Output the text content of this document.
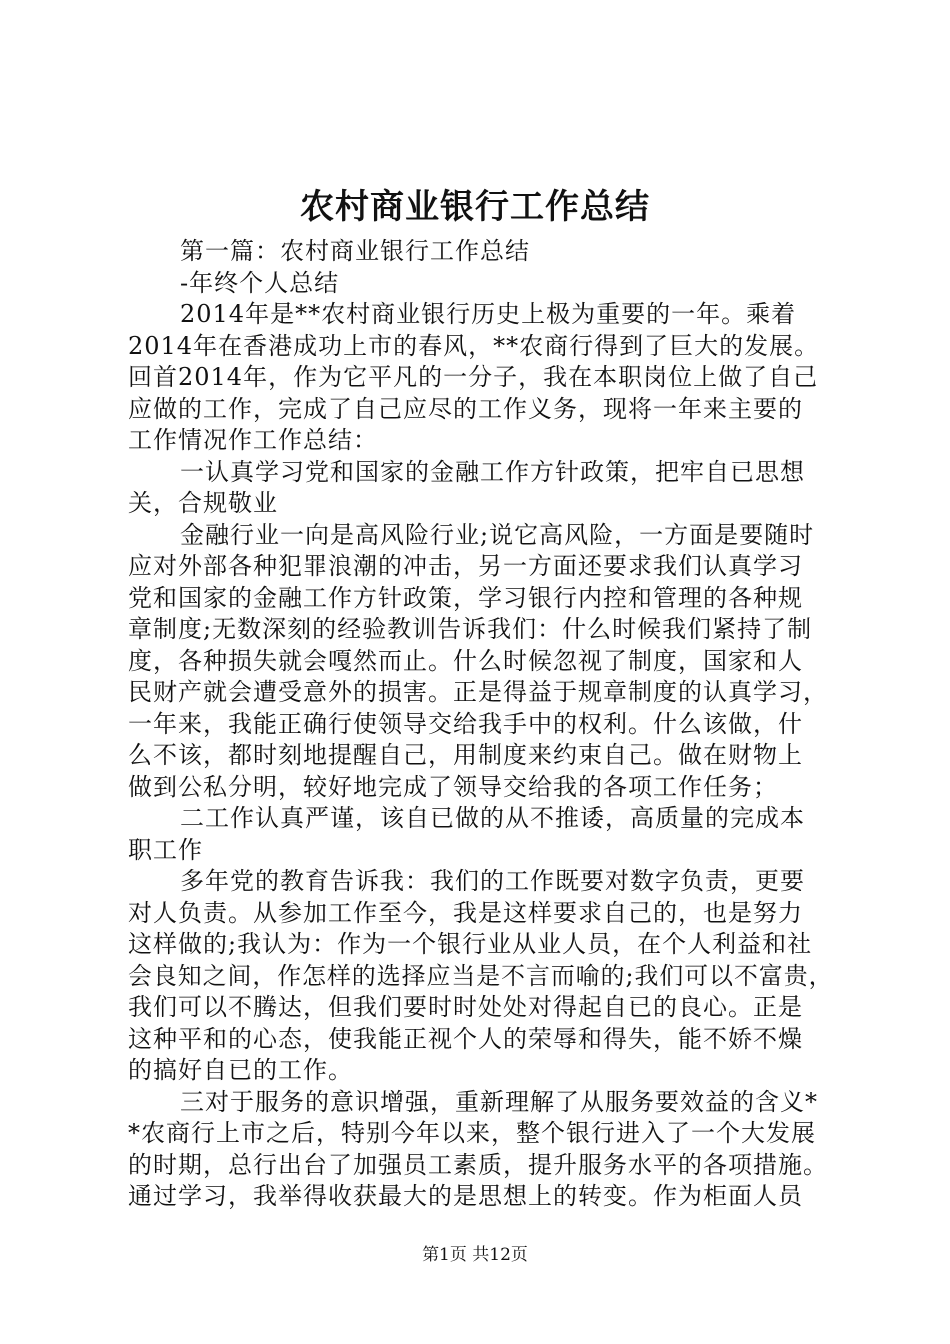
农村商业银行工作总结
第一篇：农村商业银行工作总结
-年终个人总结
2014年是**农村商业银行历史上极为重要的一年。乘着
2014年在香港成功上市的春风，**农商行得到了巨大的发展。
回首2014年，作为它平凡的一分子，我在本职岗位上做了自己
应做的工作，完成了自己应尽的工作义务，现将一年来主要的
工作情况作工作总结：
一认真学习党和国家的金融工作方针政策，把牢自已思想
关，合规敬业
金融行业一向是高风险行业;说它高风险，一方面是要随时
应对外部各种犯罪浪潮的冲击，另一方面还要求我们认真学习
党和国家的金融工作方针政策，学习银行内控和管理的各种规
章制度;无数深刻的经验教训告诉我们：什么时候我们紧持了制
度，各种损失就会嘎然而止。什么时候忽视了制度，国家和人
民财产就会遭受意外的损害。正是得益于规章制度的认真学习，
一年来，我能正确行使领导交给我手中的权利。什么该做，什
么不该，都时刻地提醒自己，用制度来约束自己。做在财物上
做到公私分明，较好地完成了领导交给我的各项工作任务；
二工作认真严谨，该自已做的从不推诿，高质量的完成本
职工作
多年党的教育告诉我：我们的工作既要对数字负责，更要
对人负责。从参加工作至今，我是这样要求自己的，也是努力
这样做的;我认为：作为一个银行业从业人员，在个人利益和社
会良知之间，作怎样的选择应当是不言而喻的;我们可以不富贵，
我们可以不腾达，但我们要时时处处对得起自已的良心。正是
这种平和的心态，使我能正视个人的荣辱和得失，能不娇不燥
的搞好自已的工作。
三对于服务的意识增强，重新理解了从服务要效益的含义*
*农商行上市之后，特别今年以来，整个银行进入了一个大发展
的时期，总行出台了加强员工素质，提升服务水平的各项措施。
通过学习，我举得收获最大的是思想上的转变。作为柜面人员
第1页 共12页
